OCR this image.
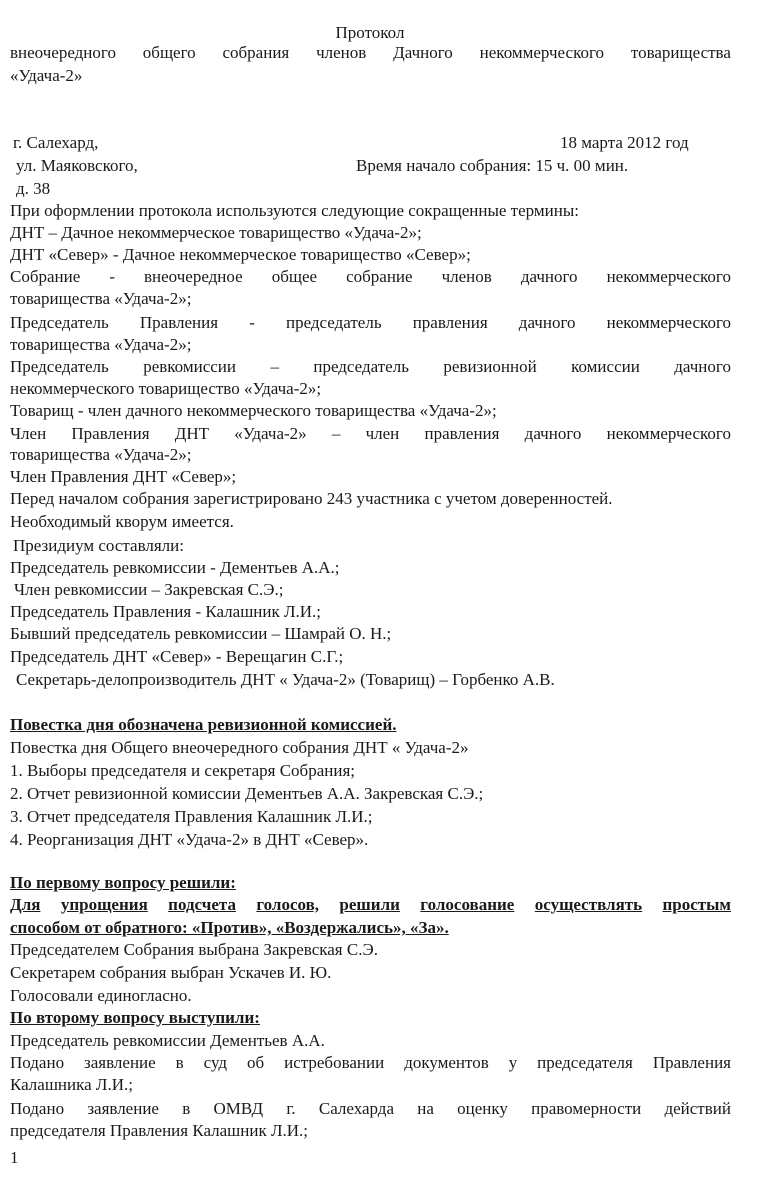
Протокол
внеочередного общего собрания членов Дачного некоммерческого товарищества
«Удача-2»
г. Салехард,	18 марта 2012 год
ул. Маяковского,	Время начало собрания: 15 ч. 00 мин.
д. 38
При оформлении протокола используются следующие сокращенные термины:
ДНТ – Дачное некоммерческое товарищество «Удача-2»;
ДНТ «Север» - Дачное некоммерческое товарищество «Север»;
Собрание - внеочередное общее собрание членов дачного некоммерческого
товарищества «Удача-2»;
Председатель Правления - председатель правления дачного некоммерческого
товарищества «Удача-2»;
Председатель ревкомиссии – председатель ревизионной комиссии дачного
некоммерческого товарищество «Удача-2»;
Товарищ - член дачного некоммерческого товарищества «Удача-2»;
Член Правления ДНТ «Удача-2» – член правления дачного некоммерческого
товарищества «Удача-2»;
Член Правления ДНТ «Север»;
Перед началом собрания зарегистрировано 243 участника с учетом доверенностей.
Необходимый кворум имеется.
Президиум составляли:
Председатель ревкомиссии - Дементьев А.А.;
Член ревкомиссии – Закревская С.Э.;
Председатель Правления - Калашник Л.И.;
Бывший председатель ревкомиссии – Шамрай О. Н.;
Председатель ДНТ «Север» - Верещагин С.Г.;
Секретарь-делопроизводитель ДНТ « Удача-2» (Товарищ) – Горбенко А.В.
Повестка дня обозначена ревизионной комиссией.
Повестка дня Общего внеочередного собрания ДНТ « Удача-2»
1. Выборы председателя и секретаря Собрания;
2. Отчет ревизионной комиссии Дементьев А.А. Закревская С.Э.;
3. Отчет председателя Правления Калашник Л.И.;
4. Реорганизация ДНТ «Удача-2» в ДНТ «Север».
По первому вопросу решили:
Для упрощения подсчета голосов, решили голосование осуществлять простым
способом от обратного: «Против», «Воздержались», «За».
Председателем Собрания выбрана Закревская С.Э.
Секретарем собрания выбран Ускачев И. Ю.
Голосовали единогласно.
По второму вопросу выступили:
Председатель ревкомиссии Дементьев А.А.
Подано заявление в суд об истребовании документов у председателя Правления
Калашника Л.И.;
Подано заявление в ОМВД г. Салехарда на оценку правомерности действий
председателя Правления Калашник Л.И.;
1
